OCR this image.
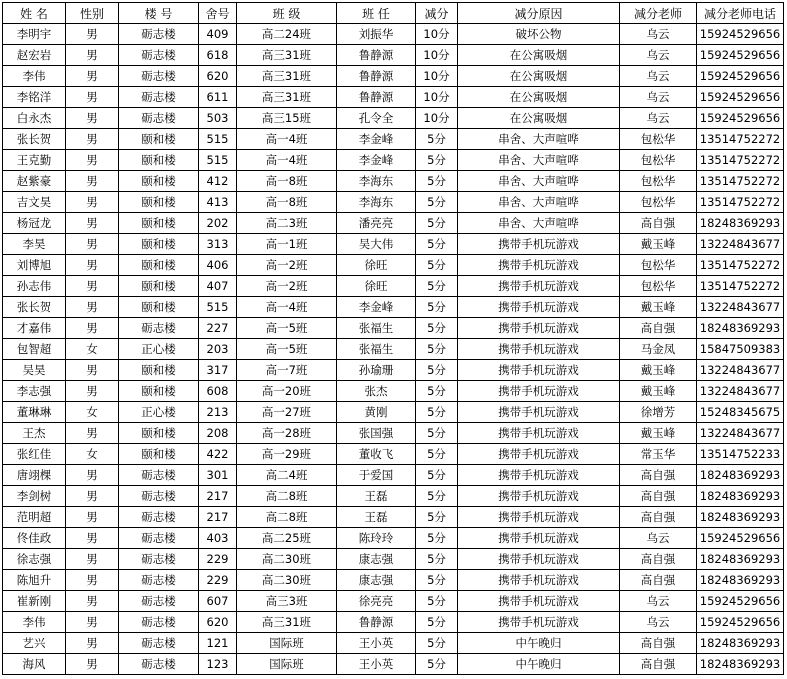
姓 名	性别	楼 号	舍号	班 级	班 任	减分	减分原因	减分老师	减分老师电话
李明宇	男	砺志楼	409	高二24班	刘振华	10分	破坏公物	乌云	15924529656
赵宏岩	男	砺志楼	618	高三31班	鲁静源	10分	在公寓吸烟	乌云	15924529656
李伟	男	砺志楼	620	高三31班	鲁静源	10分	在公寓吸烟	乌云	15924529656
李铭洋	男	砺志楼	611	高三31班	鲁静源	10分	在公寓吸烟	乌云	15924529656
白永杰	男	砺志楼	503	高三15班	孔令全	10分	在公寓吸烟	乌云	15924529656
张长贺	男	颐和楼	515	高一4班	李金峰	5分	串舍、大声喧哗	包松华	13514752272
王克勤	男	颐和楼	515	高一4班	李金峰	5分	串舍、大声喧哗	包松华	13514752272
赵紫豪	男	颐和楼	412	高一8班	李海东	5分	串舍、大声喧哗	包松华	13514752272
吉文昊	男	颐和楼	413	高一8班	李海东	5分	串舍、大声喧哗	包松华	13514752272
杨冠龙	男	颐和楼	202	高二3班	潘亮亮	5分	串舍、大声喧哗	高自强	18248369293
李昊	男	颐和楼	313	高一1班	吴大伟	5分	携带手机玩游戏	戴玉峰	13224843677
刘博旭	男	颐和楼	406	高一2班	徐旺	5分	携带手机玩游戏	包松华	13514752272
孙志伟	男	颐和楼	407	高一2班	徐旺	5分	携带手机玩游戏	包松华	13514752272
张长贺	男	颐和楼	515	高一4班	李金峰	5分	携带手机玩游戏	戴玉峰	13224843677
才嘉伟	男	砺志楼	227	高一5班	张福生	5分	携带手机玩游戏	高自强	18248369293
包智超	女	正心楼	203	高一5班	张福生	5分	携带手机玩游戏	马金凤	15847509383
吴昊	男	颐和楼	317	高一7班	孙瑜珊	5分	携带手机玩游戏	戴玉峰	13224843677
李志强	男	颐和楼	608	高一20班	张杰	5分	携带手机玩游戏	戴玉峰	13224843677
董琳琳	女	正心楼	213	高一27班	黄刚	5分	携带手机玩游戏	徐增芳	15248345675
王杰	男	颐和楼	208	高一28班	张国强	5分	携带手机玩游戏	戴玉峰	13224843677
张红佳	女	颐和楼	422	高一29班	董收飞	5分	携带手机玩游戏	常玉华	13514752233
唐翊棵	男	砺志楼	301	高二4班	于爱国	5分	携带手机玩游戏	高自强	18248369293
李剑树	男	砺志楼	217	高二8班	王磊	5分	携带手机玩游戏	高自强	18248369293
范明超	男	砺志楼	217	高二8班	王磊	5分	携带手机玩游戏	高自强	18248369293
佟佳政	男	砺志楼	403	高二25班	陈玲玲	5分	携带手机玩游戏	乌云	15924529656
徐志强	男	砺志楼	229	高二30班	康志强	5分	携带手机玩游戏	高自强	18248369293
陈旭升	男	砺志楼	229	高二30班	康志强	5分	携带手机玩游戏	高自强	18248369293
崔新刚	男	砺志楼	607	高三3班	徐亮亮	5分	携带手机玩游戏	乌云	15924529656
李伟	男	砺志楼	620	高三31班	鲁静源	5分	携带手机玩游戏	乌云	15924529656
艺兴	男	砺志楼	121	国际班	王小英	5分	中午晚归	高自强	18248369293
海风	男	砺志楼	123	国际班	王小英	5分	中午晚归	高自强	18248369293
